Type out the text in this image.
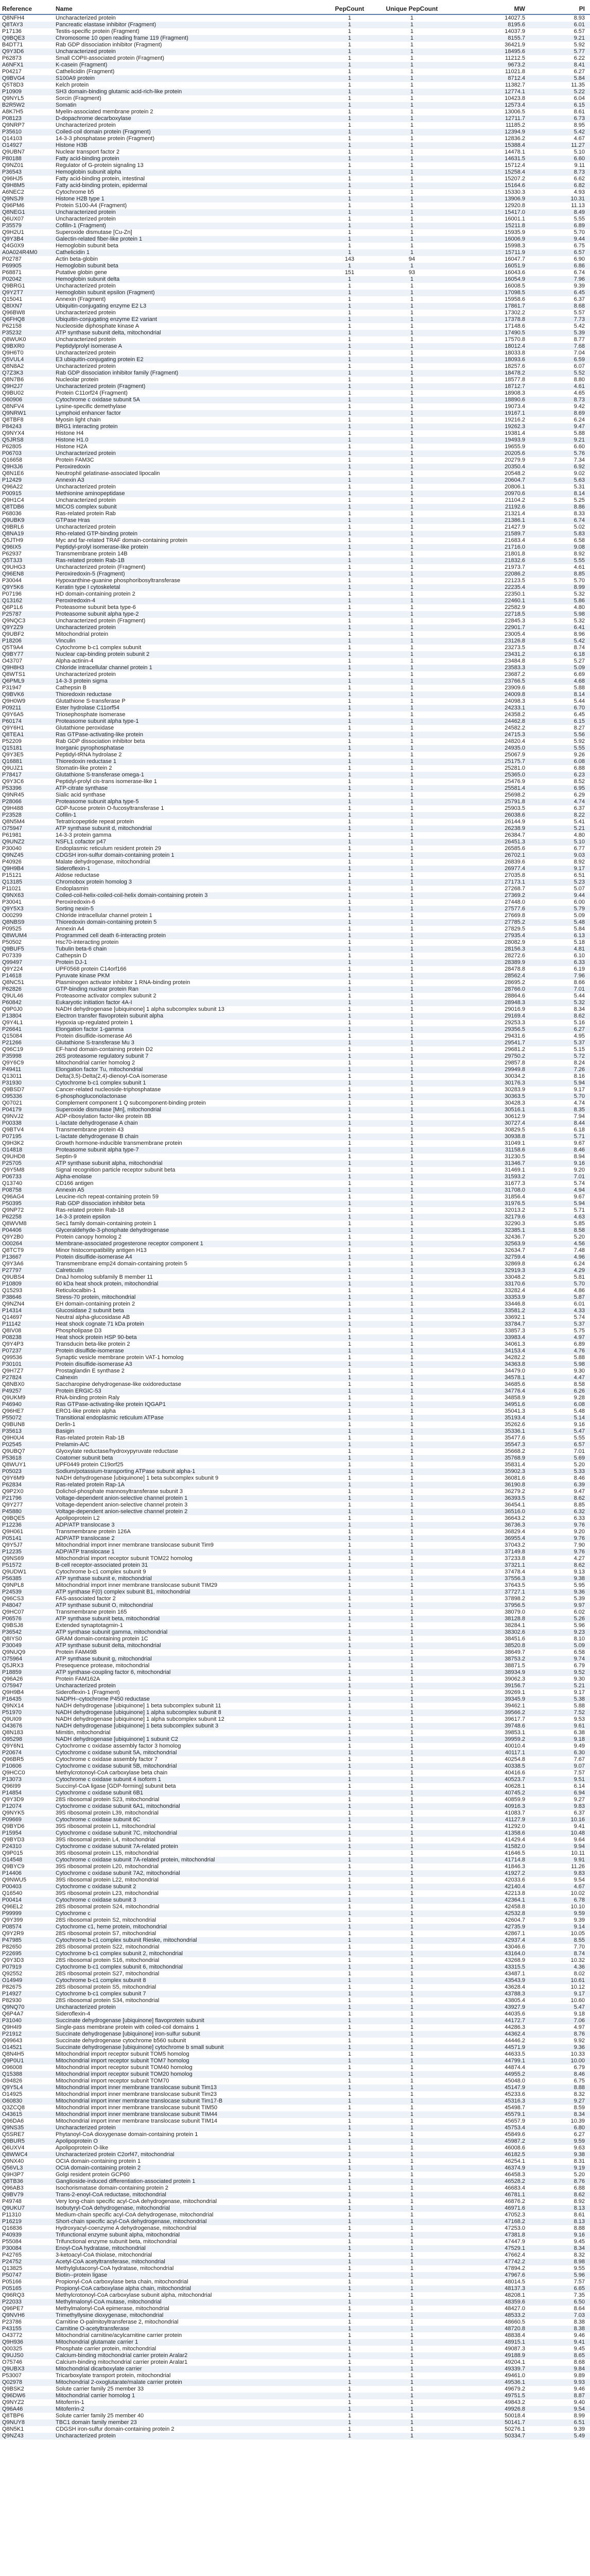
Reference	Name	PepCount	Unique PepCount	MW	PI
Q8NFH4	Uncharacterized protein	1	1	14027.5	8.93
Q8TAY3	Pancreatic elastase inhibitor (Fragment)	1	1	8195.6	6.01
P17136	Testis-specific protein (Fragment)	1	1	14037.9	6.57
Q9BQE3	Chromosome 10 open reading frame 119 (Fragment)	1	1	8155.7	9.21
B4DT71	Rab GDP dissociation inhibitor (Fragment)	1	1	36421.9	5.92
Q9Y3D6	Uncharacterized protein	1	1	18495.6	5.77
P62873	Small COPII-associated protein (Fragment)	1	1	11212.5	6.22
A6NFX1	K-casein (Fragment)	1	1	9673.2	8.41
P04217	Cathelicidin (Fragment)	1	1	11021.8	6.27
Q9BVG4	S100A9 protein	1	1	8712.4	5.84
Q5T8D3	Kelch protein	1	1	11382.7	11.35
P10909	SH3 domain-binding glutamic acid-rich-like protein	1	1	12774.1	5.22
Q9NYL5	Sorcin (Fragment)	1	1	10423.8	6.04
B2R5W2	Somatin	1	1	12573.4	6.15
A8K7H5	Myelin-associated membrane protein 2	1	1	13006.5	8.61
P08123	D-dopachrome decarboxylase	1	1	12711.7	6.73
Q9NRP7	Uncharacterized protein	1	1	11185.2	8.95
P35610	Coiled-coil domain protein (Fragment)	1	1	12394.9	5.42
Q14103	14-3-3 phosphatase protein (Fragment)	1	1	12836.2	4.67
O14927	Histone H3B	1	1	15388.4	11.27
Q9UBN7	Nuclear transport factor 2	1	1	14478.1	5.10
P80188	Fatty acid-binding protein	1	1	14631.5	6.60
Q9NZ01	Regulator of G-protein signaling 13	1	1	15712.4	9.11
P36543	Hemoglobin subunit alpha	1	1	15258.4	8.73
Q96HJ5	Fatty acid-binding protein, intestinal	1	1	15207.2	6.62
Q9H8M5	Fatty acid-binding protein, epidermal	1	1	15164.6	6.82
A6NEC2	Cytochrome b5	1	1	15330.3	4.93
Q9NSJ9	Histone H2B type 1	1	1	13906.9	10.31
Q96PM6	Protein S100-A4 (Fragment)	1	1	12920.8	11.13
Q8NEG1	Uncharacterized protein	1	1	15417.0	8.49
Q6UX07	Uncharacterized protein	1	1	16001.1	5.55
P35579	Cofilin-1 (Fragment)	1	1	15211.8	6.89
Q9H2U1	Superoxide dismutase [Cu-Zn]	1	1	15935.9	5.70
Q9Y3B4	Galectin-related fiber-like protein 1	1	1	16006.9	9.44
Q4G0X9	Hemoglobin subunit beta	1	1	15998.3	6.75
A0A024R4M0	Cathelicidin 1	1	1	15711.9	6.57
P02787	Actin beta-globin	143	94	16047.7	6.90
P69905	Hemoglobin subunit beta	1	1	16051.9	6.86
P68871	Putative globin gene	151	93	16043.6	6.74
P02042	Hemoglobin subunit delta	1	1	16054.9	7.96
Q9BRG1	Uncharacterized protein	1	1	16008.5	9.39
Q9Y2T7	Hemoglobin subunit epsilon (Fragment)	1	1	17098.5	6.45
Q15041	Annexin (Fragment)	1	1	15958.6	6.37
Q8IXN7	Ubiquitin-conjugating enzyme E2 L3	1	1	17861.7	8.68
Q96BW8	Uncharacterized protein	1	1	17302.2	5.57
Q6FHQ8	Ubiquitin-conjugating enzyme E2 variant	1	1	17378.8	7.73
P62158	Nucleoside diphosphate kinase A	1	1	17148.6	5.42
P35232	ATP synthase subunit delta, mitochondrial	1	1	17490.5	5.39
Q8WUK0	Uncharacterized protein	1	1	17570.8	8.77
Q9BXR0	Peptidylprolyl isomerase A	1	1	18012.4	7.68
Q9H6T0	Uncharacterized protein	1	1	18033.8	7.04
Q5VUL4	E3 ubiquitin-conjugating protein E2	1	1	18093.6	6.59
Q8N8A2	Uncharacterized protein	1	1	18257.6	6.07
Q7Z3K3	Rab GDP dissociation inhibitor family (Fragment)	1	1	18478.2	5.52
Q8N7B6	Nucleolar protein	1	1	18577.8	8.80
Q9H2J7	Uncharacterized protein (Fragment)	1	1	18712.7	4.61
Q9BU02	Protein C11orf24 (Fragment)	1	1	18908.3	4.65
O60906	Cytochrome c oxidase subunit 5A	1	1	18890.6	8.73
Q8NFV4	Lysine-specific demethylase	1	1	19073.4	9.42
Q9NRW1	Lymphoid enhancer factor	1	1	19167.1	8.69
Q8TBF8	Myosin light chain	1	1	19216.2	6.24
P84243	BRG1 interacting protein	1	1	19262.3	9.47
Q9NYX4	Histone H4	1	1	19381.4	5.88
Q5JRS8	Histone H1.0	1	1	19493.9	9.21
P62805	Histone H2A	1	1	19655.9	6.60
P06703	Uncharacterized protein	1	1	20205.6	5.76
Q16658	Protein FAM3C	1	1	20279.9	7.34
Q9H3J6	Peroxiredoxin	1	1	20350.4	6.92
Q8N1E6	Neutrophil gelatinase-associated lipocalin	1	1	20548.2	9.02
P12429	Annexin A3	1	1	20604.7	5.63
Q96A22	Uncharacterized protein	1	1	20806.1	5.31
P00915	Methionine aminopeptidase	1	1	20970.6	8.14
Q9H1C4	Uncharacterized protein	1	1	21104.2	5.25
Q8TDB6	MICOS complex subunit	1	1	21192.6	8.86
P68036	Ras-related protein Rab	1	1	21321.4	8.33
Q9UBK9	GTPase Hras	1	1	21386.1	6.74
Q9BRL6	Uncharacterized protein	1	1	21427.9	5.02
Q8NA19	Rho-related GTP-binding protein	1	1	21589.7	5.83
Q5JTH9	Myc and far-related TRAF domain-containing protein	1	1	21683.4	6.58
Q96IX5	Peptidyl-prolyl isomerase-like protein	1	1	21716.0	9.08
P62937	Transmembrane protein 14B	1	1	21801.8	8.92
Q5T3J3	Ras-related protein Rab-1B	1	1	21832.6	5.55
Q9UHG3	Uncharacterized protein (Fragment)	1	1	21973.7	4.61
Q96EN8	Peroxiredoxin-5 (Fragment)	1	1	22086.2	8.85
P30044	Hypoxanthine-guanine phosphoribosyltransferase	1	1	22123.5	5.70
Q9Y5K6	Keratin type I cytoskeletal	1	1	22235.4	8.99
P07196	HD domain-containing protein 2	1	1	22350.1	5.32
Q13162	Peroxiredoxin-4	1	1	22460.1	5.86
Q6P1L6	Proteasome subunit beta type-6	1	1	22582.9	4.80
P25787	Proteasome subunit alpha type-2	1	1	22718.5	5.98
Q9NQC3	Uncharacterized protein (Fragment)	1	1	22845.3	5.32
Q9Y2Z9	Uncharacterized protein	1	1	22901.7	6.41
Q9UBF2	Mitochondrial protein	1	1	23005.4	8.96
P18206	Vinculin	1	1	23126.8	5.42
Q5T9A4	Cytochrome b-c1 complex subunit	1	1	23273.5	8.74
Q9BY77	Nuclear cap-binding protein subunit 2	1	1	23431.2	6.18
O43707	Alpha-actinin-4	1	1	23484.8	5.27
Q9H8H3	Chloride intracellular channel protein 1	1	1	23583.3	5.09
Q8WTS1	Uncharacterized protein	1	1	23687.2	6.69
Q6PML9	14-3-3 protein sigma	1	1	23766.5	4.68
P31947	Cathepsin B	1	1	23909.6	5.88
Q9BVK6	Thioredoxin reductase	1	1	24009.8	8.14
Q9H0W9	Glutathione S-transferase P	1	1	24098.3	5.44
P09211	Ester hydrolase C11orf54	1	1	24233.1	6.70
Q9Y6A5	Triosephosphate isomerase	1	1	24358.2	6.45
P60174	Proteasome subunit alpha type-1	1	1	24462.8	6.15
Q9Y6H1	Glutathione peroxidase	1	1	24582.2	8.27
Q8TEA1	Ras GTPase-activating-like protein	1	1	24715.3	5.56
P52209	Rab GDP dissociation inhibitor beta	1	1	24820.4	5.92
Q15181	Inorganic pyrophosphatase	1	1	24935.0	5.55
Q9Y3E5	Peptidyl-tRNA hydrolase 2	1	1	25067.9	9.26
Q16881	Thioredoxin reductase 1	1	1	25175.7	6.08
Q9UJZ1	Stomatin-like protein 2	1	1	25281.0	6.88
P78417	Glutathione S-transferase omega-1	1	1	25365.0	6.23
Q9Y3C6	Peptidyl-prolyl cis-trans isomerase-like 1	1	1	25476.9	8.52
P53396	ATP-citrate synthase	1	1	25581.4	6.95
Q9NR45	Sialic acid synthase	1	1	25698.2	6.29
P28066	Proteasome subunit alpha type-5	1	1	25791.8	4.74
Q9H488	GDP-fucose protein O-fucosyltransferase 1	1	1	25903.5	6.37
P23528	Cofilin-1	1	1	26038.6	8.22
Q8N5M4	Tetratricopeptide repeat protein	1	1	26144.9	5.41
O75947	ATP synthase subunit d, mitochondrial	1	1	26238.9	5.21
P61981	14-3-3 protein gamma	1	1	26384.7	4.80
Q9UNZ2	NSFL1 cofactor p47	1	1	26451.3	5.10
P30040	Endoplasmic reticulum resident protein 29	1	1	26585.6	6.77
Q9NZ45	CDGSH iron-sulfur domain-containing protein 1	1	1	26702.1	9.03
P40926	Malate dehydrogenase, mitochondrial	1	1	26839.6	8.92
Q9H9B4	Sideroflexin-1	1	1	26977.4	9.17
P15121	Aldose reductase	1	1	27035.8	6.51
Q13185	Chromobox protein homolog 3	1	1	27173.1	5.23
P11021	Endoplasmin	1	1	27268.7	5.07
Q9NX63	Coiled-coil-helix-coiled-coil-helix domain-containing protein 3	1	1	27369.2	9.44
P30041	Peroxiredoxin-6	1	1	27448.0	6.00
Q9Y5X3	Sorting nexin-5	1	1	27577.6	5.79
O00299	Chloride intracellular channel protein 1	1	1	27669.8	5.09
Q8NBS9	Thioredoxin domain-containing protein 5	1	1	27785.2	5.48
P09525	Annexin A4	1	1	27829.5	5.84
Q8WUM4	Programmed cell death 6-interacting protein	1	1	27935.4	6.13
P50502	Hsc70-interacting protein	1	1	28082.9	5.18
Q9BUF5	Tubulin beta-6 chain	1	1	28156.3	4.81
P07339	Cathepsin D	1	1	28272.6	6.10
Q99497	Protein DJ-1	1	1	28389.9	6.33
Q9Y224	UPF0568 protein C14orf166	1	1	28478.8	6.19
P14618	Pyruvate kinase PKM	1	1	28562.4	7.96
Q8NC51	Plasminogen activator inhibitor 1 RNA-binding protein	1	1	28695.2	8.66
P62826	GTP-binding nuclear protein Ran	1	1	28766.0	7.01
Q9UL46	Proteasome activator complex subunit 2	1	1	28864.6	5.44
P60842	Eukaryotic initiation factor 4A-I	1	1	28948.3	5.32
Q9P0J0	NADH dehydrogenase [ubiquinone] 1 alpha subcomplex subunit 13	1	1	29016.9	8.34
P13804	Electron transfer flavoprotein subunit alpha	1	1	29169.4	8.62
Q9Y4L1	Hypoxia up-regulated protein 1	1	1	29253.3	5.16
P26641	Elongation factor 1-gamma	1	1	29356.5	6.27
Q15084	Protein disulfide-isomerase A6	1	1	29431.6	4.95
P21266	Glutathione S-transferase Mu 3	1	1	29541.7	5.37
Q96C19	EF-hand domain-containing protein D2	1	1	29681.2	5.15
P35998	26S proteasome regulatory subunit 7	1	1	29750.2	5.72
Q9Y6C9	Mitochondrial carrier homolog 2	1	1	29857.8	8.24
P49411	Elongation factor Tu, mitochondrial	1	1	29949.8	7.26
Q13011	Delta(3,5)-Delta(2,4)-dienoyl-CoA isomerase	1	1	30034.2	8.16
P31930	Cytochrome b-c1 complex subunit 1	1	1	30176.3	5.94
Q9BSD7	Cancer-related nucleoside-triphosphatase	1	1	30283.9	9.17
O95336	6-phosphogluconolactonase	1	1	30363.5	5.70
Q07021	Complement component 1 Q subcomponent-binding protein	1	1	30428.3	4.74
P04179	Superoxide dismutase [Mn], mitochondrial	1	1	30516.1	8.35
Q9NVJ2	ADP-ribosylation factor-like protein 8B	1	1	30612.9	7.94
P00338	L-lactate dehydrogenase A chain	1	1	30727.4	8.44
Q9BTV4	Transmembrane protein 43	1	1	30829.5	6.18
P07195	L-lactate dehydrogenase B chain	1	1	30938.8	5.71
Q9H3K2	Growth hormone-inducible transmembrane protein	1	1	31049.1	9.67
O14818	Proteasome subunit alpha type-7	1	1	31158.6	8.46
Q9UHD8	Septin-9	1	1	31230.5	8.94
P25705	ATP synthase subunit alpha, mitochondrial	1	1	31346.7	9.16
Q9Y5M8	Signal recognition particle receptor subunit beta	1	1	31469.1	9.20
P06733	Alpha-enolase	1	1	31593.2	7.01
Q13740	CD166 antigen	1	1	31677.3	5.74
P08758	Annexin A5	1	1	31708.0	4.94
Q96AG4	Leucine-rich repeat-containing protein 59	1	1	31856.4	9.67
P50395	Rab GDP dissociation inhibitor beta	1	1	31976.5	5.94
Q9NP72	Ras-related protein Rab-18	1	1	32013.2	5.71
P62258	14-3-3 protein epsilon	1	1	32179.6	4.63
Q8WVM8	Sec1 family domain-containing protein 1	1	1	32290.3	5.85
P04406	Glyceraldehyde-3-phosphate dehydrogenase	1	1	32385.1	8.58
Q9Y2B0	Protein canopy homolog 2	1	1	32436.7	5.20
O00264	Membrane-associated progesterone receptor component 1	1	1	32563.9	4.56
Q8TCT9	Minor histocompatibility antigen H13	1	1	32634.7	7.48
P13667	Protein disulfide-isomerase A4	1	1	32759.4	4.96
Q9Y3A6	Transmembrane emp24 domain-containing protein 5	1	1	32869.8	6.24
P27797	Calreticulin	1	1	32919.3	4.29
Q9UBS4	DnaJ homolog subfamily B member 11	1	1	33048.2	5.81
P10809	60 kDa heat shock protein, mitochondrial	1	1	33170.6	5.70
Q15293	Reticulocalbin-1	1	1	33282.4	4.86
P38646	Stress-70 protein, mitochondrial	1	1	33353.9	5.87
Q9NZN4	EH domain-containing protein 2	1	1	33446.8	6.01
P14314	Glucosidase 2 subunit beta	1	1	33581.2	4.33
Q14697	Neutral alpha-glucosidase AB	1	1	33692.1	5.74
P11142	Heat shock cognate 71 kDa protein	1	1	33784.7	5.37
Q8IV08	Phospholipase D3	1	1	33857.3	5.75
P08238	Heat shock protein HSP 90-beta	1	1	33983.4	4.97
Q9Y4P3	Transducin beta-like protein 2	1	1	34061.3	6.89
P07237	Protein disulfide-isomerase	1	1	34153.4	4.76
Q99536	Synaptic vesicle membrane protein VAT-1 homolog	1	1	34282.2	5.88
P30101	Protein disulfide-isomerase A3	1	1	34363.8	5.98
Q9H7Z7	Prostaglandin E synthase 2	1	1	34479.0	9.30
P27824	Calnexin	1	1	34578.1	4.47
Q8NBX0	Saccharopine dehydrogenase-like oxidoreductase	1	1	34685.6	8.58
P49257	Protein ERGIC-53	1	1	34776.4	6.26
Q9UKM9	RNA-binding protein Raly	1	1	34858.9	9.28
P46940	Ras GTPase-activating-like protein IQGAP1	1	1	34951.6	6.08
Q96HE7	ERO1-like protein alpha	1	1	35041.3	5.48
P55072	Transitional endoplasmic reticulum ATPase	1	1	35193.4	5.14
Q9BUN8	Derlin-1	1	1	35262.6	9.16
P35613	Basigin	1	1	35336.1	5.47
Q9H0U4	Ras-related protein Rab-1B	1	1	35477.6	5.55
P02545	Prelamin-A/C	1	1	35547.3	6.57
Q9UBQ7	Glyoxylate reductase/hydroxypyruvate reductase	1	1	35668.2	7.01
P53618	Coatomer subunit beta	1	1	35768.9	5.69
Q8WUY1	UPF0449 protein C19orf25	1	1	35831.4	5.20
P05023	Sodium/potassium-transporting ATPase subunit alpha-1	1	1	35902.3	5.33
Q9Y6M9	NADH dehydrogenase [ubiquinone] 1 beta subcomplex subunit 9	1	1	36081.6	8.46
P62834	Ras-related protein Rap-1A	1	1	36190.8	6.39
Q9P2X0	Dolichol-phosphate mannosyltransferase subunit 3	1	1	36279.2	9.47
P21796	Voltage-dependent anion-selective channel protein 1	1	1	36393.5	8.62
Q9Y277	Voltage-dependent anion-selective channel protein 3	1	1	36454.1	8.85
P45880	Voltage-dependent anion-selective channel protein 2	1	1	36516.0	6.32
Q9BQE5	Apolipoprotein L2	1	1	36643.2	6.33
P12236	ADP/ATP translocase 3	1	1	36736.3	9.76
Q9H061	Transmembrane protein 126A	1	1	36829.4	9.20
P05141	ADP/ATP translocase 2	1	1	36955.4	9.76
Q9Y5J7	Mitochondrial import inner membrane translocase subunit Tim9	1	1	37043.2	7.90
P12235	ADP/ATP translocase 1	1	1	37149.8	9.76
Q9NS69	Mitochondrial import receptor subunit TOM22 homolog	1	1	37233.8	4.27
P51572	B-cell receptor-associated protein 31	1	1	37321.1	8.62
Q9UDW1	Cytochrome b-c1 complex subunit 9	1	1	37478.4	9.13
P56385	ATP synthase subunit e, mitochondrial	1	1	37556.3	9.38
Q9NPL8	Mitochondrial import inner membrane translocase subunit TIM29	1	1	37643.5	5.95
P24539	ATP synthase F(0) complex subunit B1, mitochondrial	1	1	37727.1	9.36
Q96CS3	FAS-associated factor 2	1	1	37898.2	5.39
P48047	ATP synthase subunit O, mitochondrial	1	1	37956.5	9.97
Q9HC07	Transmembrane protein 165	1	1	38079.0	6.02
P06576	ATP synthase subunit beta, mitochondrial	1	1	38128.8	5.26
Q9BSJ8	Extended synaptotagmin-1	1	1	38284.1	5.96
P36542	ATP synthase subunit gamma, mitochondrial	1	1	38302.6	9.23
Q8IYS0	GRAM domain-containing protein 1C	1	1	38451.6	8.10
P30049	ATP synthase subunit delta, mitochondrial	1	1	38520.8	5.09
Q9NUQ9	Protein FAM49B	1	1	38649.7	6.58
O75964	ATP synthase subunit g, mitochondrial	1	1	38753.2	9.74
Q5JRX3	Presequence protease, mitochondrial	1	1	38871.5	6.79
P18859	ATP synthase-coupling factor 6, mitochondrial	1	1	38934.9	9.52
Q96A26	Protein FAM162A	1	1	39062.3	9.30
O75947	Uncharacterized protein	1	1	39156.7	5.21
Q9H9B4	Sideroflexin-1 (Fragment)	1	1	39269.1	9.17
P16435	NADPH--cytochrome P450 reductase	1	1	39345.9	5.38
Q9NX14	NADH dehydrogenase [ubiquinone] 1 beta subcomplex subunit 11	1	1	39462.1	5.88
P51970	NADH dehydrogenase [ubiquinone] 1 alpha subcomplex subunit 8	1	1	39566.2	7.52
Q9UI09	NADH dehydrogenase [ubiquinone] 1 alpha subcomplex subunit 12	1	1	39617.7	9.53
O43676	NADH dehydrogenase [ubiquinone] 1 beta subcomplex subunit 3	1	1	39748.6	9.61
Q8N183	Mimitin, mitochondrial	1	1	39853.1	6.38
O95298	NADH dehydrogenase [ubiquinone] 1 subunit C2	1	1	39959.2	9.18
Q9Y6N1	Cytochrome c oxidase assembly factor 3 homolog	1	1	40010.4	9.49
P20674	Cytochrome c oxidase subunit 5A, mitochondrial	1	1	40117.1	6.30
Q96BR5	Cytochrome c oxidase assembly factor 7	1	1	40254.8	7.67
P10606	Cytochrome c oxidase subunit 5B, mitochondrial	1	1	40338.5	9.07
Q9HCC0	Methylcrotonoyl-CoA carboxylase beta chain	1	1	40416.6	7.57
P13073	Cytochrome c oxidase subunit 4 isoform 1	1	1	40523.7	9.51
Q96I99	Succinyl-CoA ligase [GDP-forming] subunit beta	1	1	40628.1	6.14
P14854	Cytochrome c oxidase subunit 6B1	1	1	40745.2	6.94
Q9Y3D9	28S ribosomal protein S23, mitochondrial	1	1	40859.9	9.27
P12074	Cytochrome c oxidase subunit 6A1, mitochondrial	1	1	40916.3	9.83
Q9NYK5	39S ribosomal protein L39, mitochondrial	1	1	41083.7	6.37
P09669	Cytochrome c oxidase subunit 6C	1	1	41127.9	10.16
Q9BYD6	39S ribosomal protein L1, mitochondrial	1	1	41292.0	9.41
P15954	Cytochrome c oxidase subunit 7C, mitochondrial	1	1	41358.6	10.48
Q9BYD3	39S ribosomal protein L4, mitochondrial	1	1	41429.4	9.64
P24310	Cytochrome c oxidase subunit 7A-related protein	1	1	41582.0	9.94
Q9P015	39S ribosomal protein L15, mitochondrial	1	1	41646.5	10.11
O14548	Cytochrome c oxidase subunit 7A-related protein, mitochondrial	1	1	41714.8	9.91
Q9BYC9	39S ribosomal protein L20, mitochondrial	1	1	41846.3	11.26
P14406	Cytochrome c oxidase subunit 7A2, mitochondrial	1	1	41927.2	9.83
Q9NWU5	39S ribosomal protein L22, mitochondrial	1	1	42033.6	9.54
P00403	Cytochrome c oxidase subunit 2	1	1	42140.4	4.67
Q16540	39S ribosomal protein L23, mitochondrial	1	1	42213.8	10.02
P00414	Cytochrome c oxidase subunit 3	1	1	42364.1	6.78
Q96EL2	28S ribosomal protein S24, mitochondrial	1	1	42458.8	10.10
P99999	Cytochrome c	1	1	42532.8	9.59
Q9Y399	28S ribosomal protein S2, mitochondrial	1	1	42604.7	9.39
P08574	Cytochrome c1, heme protein, mitochondrial	1	1	42735.9	9.14
Q9Y2R9	28S ribosomal protein S7, mitochondrial	1	1	42867.1	10.05
P47985	Cytochrome b-c1 complex subunit Rieske, mitochondrial	1	1	42937.4	8.55
P82650	28S ribosomal protein S22, mitochondrial	1	1	43046.6	7.70
P22695	Cytochrome b-c1 complex subunit 2, mitochondrial	1	1	43164.0	8.74
Q9Y3D3	28S ribosomal protein S16, mitochondrial	1	1	43268.9	10.32
P07919	Cytochrome b-c1 complex subunit 6, mitochondrial	1	1	43315.5	4.36
Q92552	28S ribosomal protein S27, mitochondrial	1	1	43487.1	8.02
O14949	Cytochrome b-c1 complex subunit 8	1	1	43543.9	10.61
P82675	28S ribosomal protein S5, mitochondrial	1	1	43628.4	10.12
P14927	Cytochrome b-c1 complex subunit 7	1	1	43788.3	9.17
P82930	28S ribosomal protein S34, mitochondrial	1	1	43805.4	10.60
Q9NQ70	Uncharacterized protein	1	1	43927.9	5.47
Q6P4A7	Sideroflexin-4	1	1	44035.6	9.18
P31040	Succinate dehydrogenase [ubiquinone] flavoprotein subunit	1	1	44172.7	7.06
Q9H4I9	Single-pass membrane protein with coiled-coil domains 1	1	1	44286.3	4.97
P21912	Succinate dehydrogenase [ubiquinone] iron-sulfur subunit	1	1	44362.4	8.76
Q99643	Succinate dehydrogenase cytochrome b560 subunit	1	1	44446.2	9.92
O14521	Succinate dehydrogenase [ubiquinone] cytochrome b small subunit	1	1	44571.9	9.36
Q8N4H5	Mitochondrial import receptor subunit TOM5 homolog	1	1	44633.5	10.33
Q9P0U1	Mitochondrial import receptor subunit TOM7 homolog	1	1	44799.1	10.00
O96008	Mitochondrial import receptor subunit TOM40 homolog	1	1	44874.4	6.79
Q15388	Mitochondrial import receptor subunit TOM20 homolog	1	1	44955.2	8.46
O94826	Mitochondrial import receptor subunit TOM70	1	1	45048.0	6.75
Q9Y5L4	Mitochondrial import inner membrane translocase subunit Tim13	1	1	45147.9	8.88
O14925	Mitochondrial import inner membrane translocase subunit Tim23	1	1	45233.6	8.32
O60830	Mitochondrial import inner membrane translocase subunit Tim17-B	1	1	45316.3	9.27
Q3ZCQ8	Mitochondrial import inner membrane translocase subunit TIM50	1	1	45498.7	8.59
O43615	Mitochondrial import inner membrane translocase subunit TIM44	1	1	45579.1	8.34
Q96DA6	Mitochondrial import inner membrane translocase subunit TIM14	1	1	45657.9	10.39
Q9NS35	Uncharacterized protein	1	1	45753.4	6.80
Q5SRE7	Phytanoyl-CoA dioxygenase domain-containing protein 1	1	1	45849.6	6.27
Q9BUR5	Apolipoprotein O	1	1	45987.2	9.59
Q6UXV4	Apolipoprotein O-like	1	1	46008.6	9.63
Q8WWC4	Uncharacterized protein C2orf47, mitochondrial	1	1	46182.5	9.38
Q9NX40	OCIA domain-containing protein 1	1	1	46254.1	8.31
Q56VL3	OCIA domain-containing protein 2	1	1	46374.9	9.19
Q9H3P7	Golgi resident protein GCP60	1	1	46458.3	5.20
Q8TB36	Ganglioside-induced differentiation-associated protein 1	1	1	46528.2	8.76
Q96AB3	Isochorismatase domain-containing protein 2	1	1	46683.4	6.88
Q9BV79	Trans-2-enoyl-CoA reductase, mitochondrial	1	1	46781.1	8.62
P49748	Very long-chain specific acyl-CoA dehydrogenase, mitochondrial	1	1	46876.2	8.92
Q9UKU7	Isobutyryl-CoA dehydrogenase, mitochondrial	1	1	46971.6	8.13
P11310	Medium-chain specific acyl-CoA dehydrogenase, mitochondrial	1	1	47052.3	8.61
P16219	Short-chain specific acyl-CoA dehydrogenase, mitochondrial	1	1	47168.2	8.13
Q16836	Hydroxyacyl-coenzyme A dehydrogenase, mitochondrial	1	1	47253.0	8.88
P40939	Trifunctional enzyme subunit alpha, mitochondrial	1	1	47381.8	9.16
P55084	Trifunctional enzyme subunit beta, mitochondrial	1	1	47447.9	9.45
P30084	Enoyl-CoA hydratase, mitochondrial	1	1	47529.1	8.34
P42765	3-ketoacyl-CoA thiolase, mitochondrial	1	1	47662.4	8.32
P24752	Acetyl-CoA acetyltransferase, mitochondrial	1	1	47742.2	8.98
Q13825	Methylglutaconyl-CoA hydratase, mitochondrial	1	1	47894.2	9.55
P50747	Biotin--protein ligase	1	1	47967.6	5.96
P05166	Propionyl-CoA carboxylase beta chain, mitochondrial	1	1	48014.5	7.57
P05165	Propionyl-CoA carboxylase alpha chain, mitochondrial	1	1	48137.3	6.65
Q96RQ3	Methylcrotonoyl-CoA carboxylase subunit alpha, mitochondrial	1	1	48208.1	7.35
P22033	Methylmalonyl-CoA mutase, mitochondrial	1	1	48359.6	6.50
Q96PE7	Methylmalonyl-CoA epimerase, mitochondrial	1	1	48427.0	8.64
Q9NVH6	Trimethyllysine dioxygenase, mitochondrial	1	1	48533.2	7.03
P23786	Carnitine O-palmitoyltransferase 2, mitochondrial	1	1	48660.5	8.38
P43155	Carnitine O-acetyltransferase	1	1	48720.8	8.38
O43772	Mitochondrial carnitine/acylcarnitine carrier protein	1	1	48838.4	9.46
Q9H936	Mitochondrial glutamate carrier 1	1	1	48915.1	9.41
Q00325	Phosphate carrier protein, mitochondrial	1	1	49087.3	9.45
Q9UJS0	Calcium-binding mitochondrial carrier protein Aralar2	1	1	49188.9	8.65
O75746	Calcium-binding mitochondrial carrier protein Aralar1	1	1	49204.1	8.68
Q9UBX3	Mitochondrial dicarboxylate carrier	1	1	49339.7	9.84
P53007	Tricarboxylate transport protein, mitochondrial	1	1	49461.0	9.89
Q02978	Mitochondrial 2-oxoglutarate/malate carrier protein	1	1	49536.1	9.93
Q9BSK2	Solute carrier family 25 member 33	1	1	49679.2	9.46
Q96DW6	Mitochondrial carrier homolog 1	1	1	49751.5	8.87
Q9NYZ2	Mitoferrin-1	1	1	49843.2	9.40
Q96A46	Mitoferrin-2	1	1	49926.8	9.54
Q8TBP6	Solute carrier family 25 member 40	1	1	50018.4	8.99
Q9NUY8	TBC1 domain family member 23	1	1	50141.7	6.51
Q8N5K1	CDGSH iron-sulfur domain-containing protein 2	1	1	50276.1	9.39
Q9NZ43	Uncharacterized protein	1	1	50334.7	5.49
